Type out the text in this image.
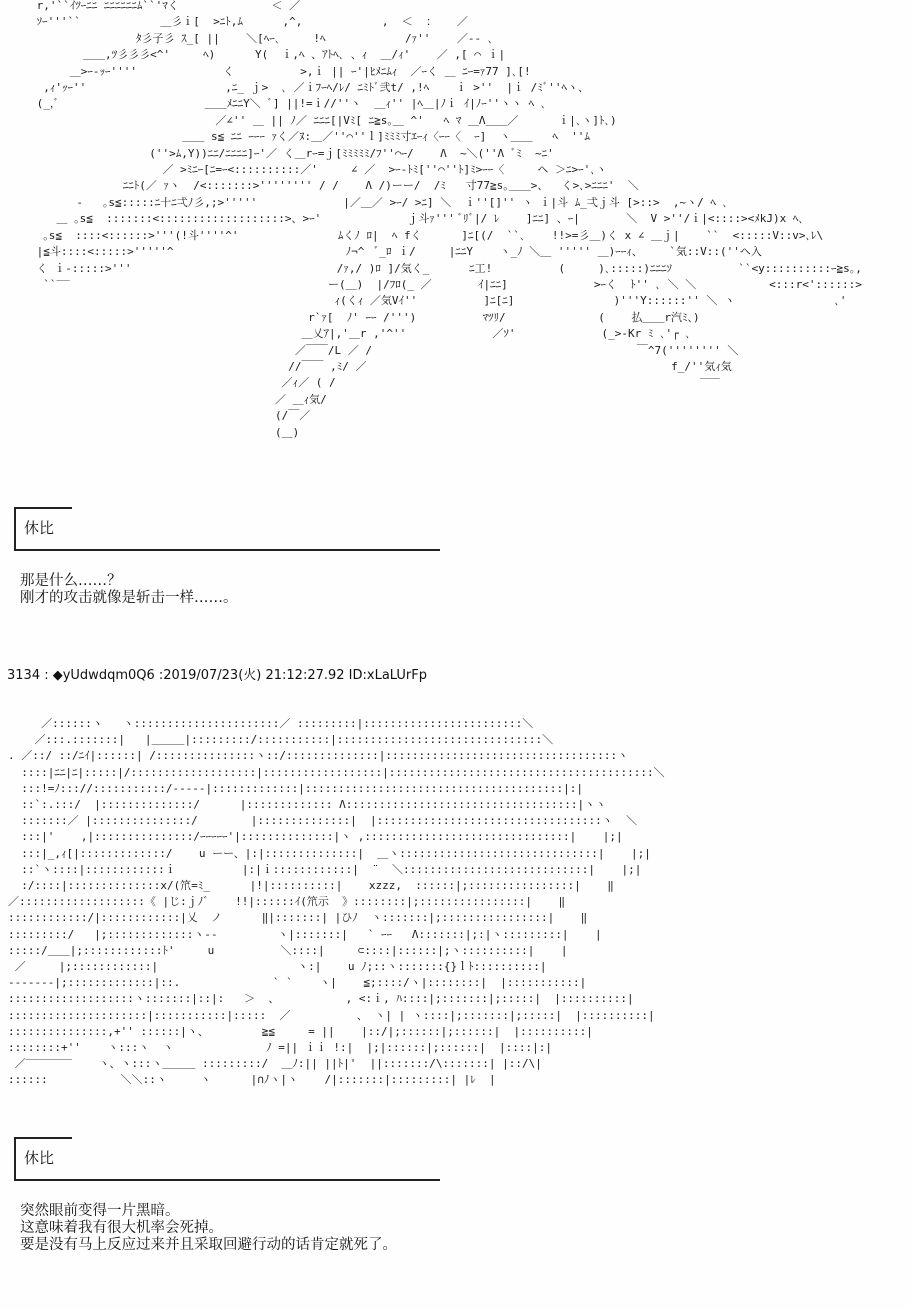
r,'``ｲﾂｰﾆﾆ ﾆﾆﾆﾆﾆﾆﾑ``'ﾏく              ＜ ／
ｿｰ'''``            ＿彡ｉ[  >ﾆﾄ,ﾑ      ,^,            ,  ＜  ：   ／
ﾀ彡子彡 ｽ_[ ||    ＼[ﾍｰ､     !ﾍ            /ｧ''    ／-- ､
＿＿,ﾂ彡彡彡<^'     ﾍ)      Y(  ｉ,ﾍ 、ｱﾄﾍ､ 、ｨ  ＿/ｨ'    ／ ,[ ⌒ ｉ|
＿>ｰ-ｯｰ''''             く          >,ｉ || ｰ'|ﾋﾒﾆﾑｨ  ／ｰく ＿ ﾆｰ=ｧ77 ]､[!
,ｨ'ｯｰ''                     ,ﾆ_ ｊ>  ､ ／ｉﾌｰﾍ/ﾚ/ ﾆﾐﾄﾞ弐t/ ,!ﾍ    ｉ >''  |ｉ /ﾐﾞ''ﾍヽ、
(_,ﾞ                      ＿＿ﾒﾆﾆY＼ ﾞ] ||!=ｉ//''ヽ  ＿ｨ'' |ﾍ＿|ﾉｉ ｲ|ﾉｰ''ヽヽ ﾍ ､
／∠'' ＿ || ﾉ／ ﾆﾆﾆ[|Vﾐ[ ﾆ≧s｡＿ ^'   ﾍ ﾏ ＿Λ＿＿／      ｉ|､ヽ]ﾄ､)
＿＿ s≦ ﾆﾆ ｰｰｰ ｧく／ﾇ:＿／''⌒''ｌ]ﾐﾐﾐ寸ｴｰｨ〈ｰｰ〈  ｰ]  ヽ＿＿   ﾍ  ''ﾑ
(''>ﾑ,Y))ﾆﾆ/ﾆﾆﾆﾆ]ｰ'／ く＿rｰ=ｊ[ﾐﾐﾐﾐﾐ/ﾌ''⌒ｰ/    Λ  ~＼(''Λ ﾞﾐ  ~ﾆ'
／ >ﾐﾆｰ[ﾆ=ｰ<::::::::::／'     ∠ ／  >ｰ-ﾄﾐ[''⌒''ﾄ]ﾐ>ｰｰ〈     ヘ ＞ﾆ>ｰ'､ヽ
ﾆﾆﾄ(／ ｧヽ  /<:::::::>'''''''' / /    Λ /)ーー/  /ﾐ   寸77≧s｡＿＿>、  く>､>ﾆﾆﾆ'  ＼
-   ｡s≦:::::ﾆ十ﾆ弌ﾉ彡,;>'''''             |／＿／ >ｰ/ >ﾆ] ＼  ｉ''[]'' ヽ ｉ|斗 ﾑ_弌ｊ斗 [>::>  ,~ヽ/ ﾍ ､
＿ ｡s≦  :::::::<:::::::::::::::::::>、>ｰ'             ｊ斗ｧ''' ﾞﾘﾞ|/ ﾚ    ]ﾆﾆ] 、ｰ|       ＼  V >''/ｉ|<::::><ﾒkJ)x ﾍ､
｡s≦  ::::<::::::>'''(!斗''''^'               ﾑくﾉ ﾛ|  ﾍ fく      ]ﾆ[(/  ``､    !!>=彡＿)く x ∠ ＿ｊ|    ``  <:::::V::v>､ﾚ\
|≦斗::::<:::::>'''''^                          ﾉ¬^  ﾞ_ﾛ ｉ/     |ﾆﾆY    ヽ_ﾉ ＼＿ ''''' ＿)ｰｰｨ、    `気::V::(''ヘ入
く ｉ-:::::>'''                               /ｧ,/ )ﾛ ]/気く_      ﾆ工!          (     )､:::::)ﾆﾆﾆｿ          ``<y::::::::::ｰ≧s｡,
``‾‾                                       ー(＿)  |/ﾌﾛ(_ ／       ｲ|ﾆﾆ]             >ｰく  ﾄ'' ､ ＼ ＼           <:::r<'::::::>
ｨ(くｨ ／気Vｲ''          ]ﾆ[ﾆ]               )'''Y::::::'' ＼ ヽ               ､'
r`ｧ[  ﾉ' ｰｰ /''')          ﾏﾂﾘ/              (    払＿＿r汽ﾐ、)
＿乂ｱ|,'＿r ,'^''             ／ｿ'             (_>-Kr ﾐ ､'┌ ､
／￣￣/L ／ /                                        ￣^7('''''''' ＼
//￣￣ ,ﾐ/ ／                                              f_/''気ｨ気
／ｨ／ ( /                                                       ‾‾‾
／ ＿ｨ気/
(/￣／
(＿)
休比
那是什么……？
刚才的攻击就像是斩击一样……。
3134 : ◆yUdwdqm0Q6 :2019/07/23(火) 21:12:27.92 ID:xLaLUrFp
／::::::ヽ   ヽ::::::::::::::::::::::／ :::::::::|::::::::::::::::::::::::＼
／:::.:::::::|   |＿＿＿|:::::::::/:::::::::::|:::::::::::::::::::::::::::::::＼
. ／::/ ::/ﾆｲ|::::::| /:::::::::::::::ヽ::/::::::::::::::|:::::::::::::::::::::::::::::::::::ヽ
::::|ﾆﾆ|ﾆ|:::::|/:::::::::::::::::::|::::::::::::::::::|::::::::::::::::::::::::::::::::::::::::＼
:::!=ﾉ::://:::::::::::/-----|:::::::::::::|:::::::::::::::::::::::::::::::::::::::|:|
::`:.:::/  |::::::::::::::/      |::::::::::::: Λ:::::::::::::::::::::::::::::::::::|ヽヽ
:::::::／ |:::::::::::::::/        |::::::::::::::|  |::::::::::::::::::::::::::::::::::ヽ  ＼
:::|'    ,|:::::::::::::::/ｰｰｰｰｰ'|::::::::::::::|ヽ ,:::::::::::::::::::::::::::::::|    |;|
:::|_,ｨ[|:::::::::::::/    u ーー、|:|::::::::::::::|  ＿ヽ::::::::::::::::::::::::::::::|    |;|
::`ヽ::::|::::::::::::ｉ          |:|ｉ::::::::::::|  ¨  ＼::::::::::::::::::::::::::::|    |;|
:/::::|::::::::::::::x/(笊=ﾐ_      |!|::::::::::|    xzzz,  ::::::|;::::::::::::::::|    ‖
／:::::::::::::::::::《 |じ:ｊﾉﾞ    !!|::::::ｲ(笊示  》::::::::|;::::::::::::::::|    ‖
::::::::::::/|::::::::::::|乂  ノ      ‖|:::::::| |ひﾉ  ヽ:::::::|;::::::::::::::::|    ‖
:::::::::/   |;:::::::::::::ヽ--         ヽ|:::::::|   ` ｰｰ   Λ:::::::|;:|ヽ:::::::::|    |
:::::/＿＿|;::::::::::::ﾄ'     u          ＼::::|     ⊂::::|::::::|;ヽ::::::::::|    |
／     |;::::::::::::|                     ヽ:|    u ﾉ;::ヽ:::::::{}ｌﾄ::::::::::|
-------|;:::::::::::::|::.              ` `    ヽ|    ≦;::::/ヽ|::::::::|  |:::::::::::|
:::::::::::::::::::ヽ:::::::|::|:   ＞  、          , <:ｉ, ﾊ::::|;:::::::|;:::::|  |::::::::::|
:::::::::::::::::::::|:::::::::::|:::::  ／          、 ヽ| | ヽ::::|;:::::::|;:::::|  |::::::::::|
:::::::::::::::,+'' ::::::|ヽ、        ≧≦     = ||    |::/|;::::::|;::::::|  |::::::::::|
::::::::+''    ヽ:::ヽ  ヽ              ﾉ =|| ｉｉ !:|  |;|::::::|;::::::|  |::::|:|
／‾‾‾‾‾‾‾    ヽ、ヽ:::ヽ＿＿＿ :::::::::/  ＿ﾉ:|| ||ﾄ|'  ||:::::::/\:::::::| |::/\|
::::::           ＼＼::ヽ     ヽ      |∩ﾉヽ|ヽ    /|:::::::|:::::::::| |ﾚ  |
休比
突然眼前变得一片黑暗。
这意味着我有很大机率会死掉。
要是没有马上反应过来并且采取回避行动的话肯定就死了。
